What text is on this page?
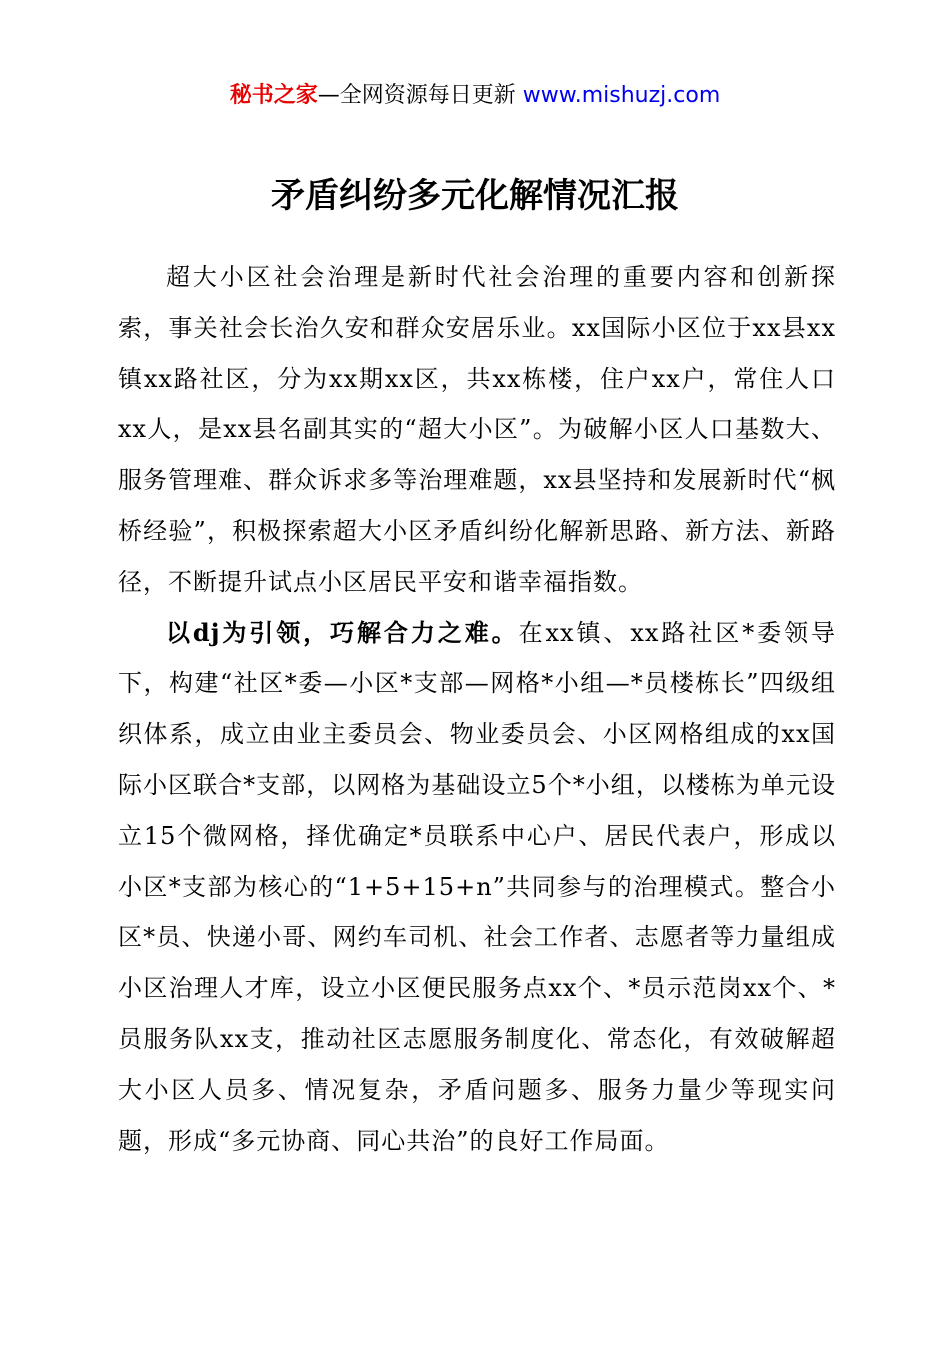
秘书之家—全网资源每日更新 www.mishuzj.com
矛盾纠纷多元化解情况汇报

超大小区社会治理是新时代社会治理的重要内容和创新探索，事关社会长治久安和群众安居乐业。xx国际小区位于xx县xx镇xx路社区，分为xx期xx区，共xx栋楼，住户xx户，常住人口xx人，是xx县名副其实的“超大小区”。为破解小区人口基数大、服务管理难、群众诉求多等治理难题，xx县坚持和发展新时代“枫桥经验”，积极探索超大小区矛盾纠纷化解新思路、新方法、新路径，不断提升试点小区居民平安和谐幸福指数。

以dj为引领，巧解合力之难。在xx镇、xx路社区*委领导下，构建“社区*委—小区*支部—网格*小组—*员楼栋长”四级组织体系，成立由业主委员会、物业委员会、小区网格组成的xx国际小区联合*支部，以网格为基础设立5个*小组，以楼栋为单元设立15个微网格，择优确定*员联系中心户、居民代表户，形成以小区*支部为核心的“1+5+15+n”共同参与的治理模式。整合小区*员、快递小哥、网约车司机、社会工作者、志愿者等力量组成小区治理人才库，设立小区便民服务点xx个、*员示范岗xx个、*员服务队xx支，推动社区志愿服务制度化、常态化，有效破解超大小区人员多、情况复杂，矛盾问题多、服务力量少等现实问题，形成“多元协商、同心共治”的良好工作局面。
